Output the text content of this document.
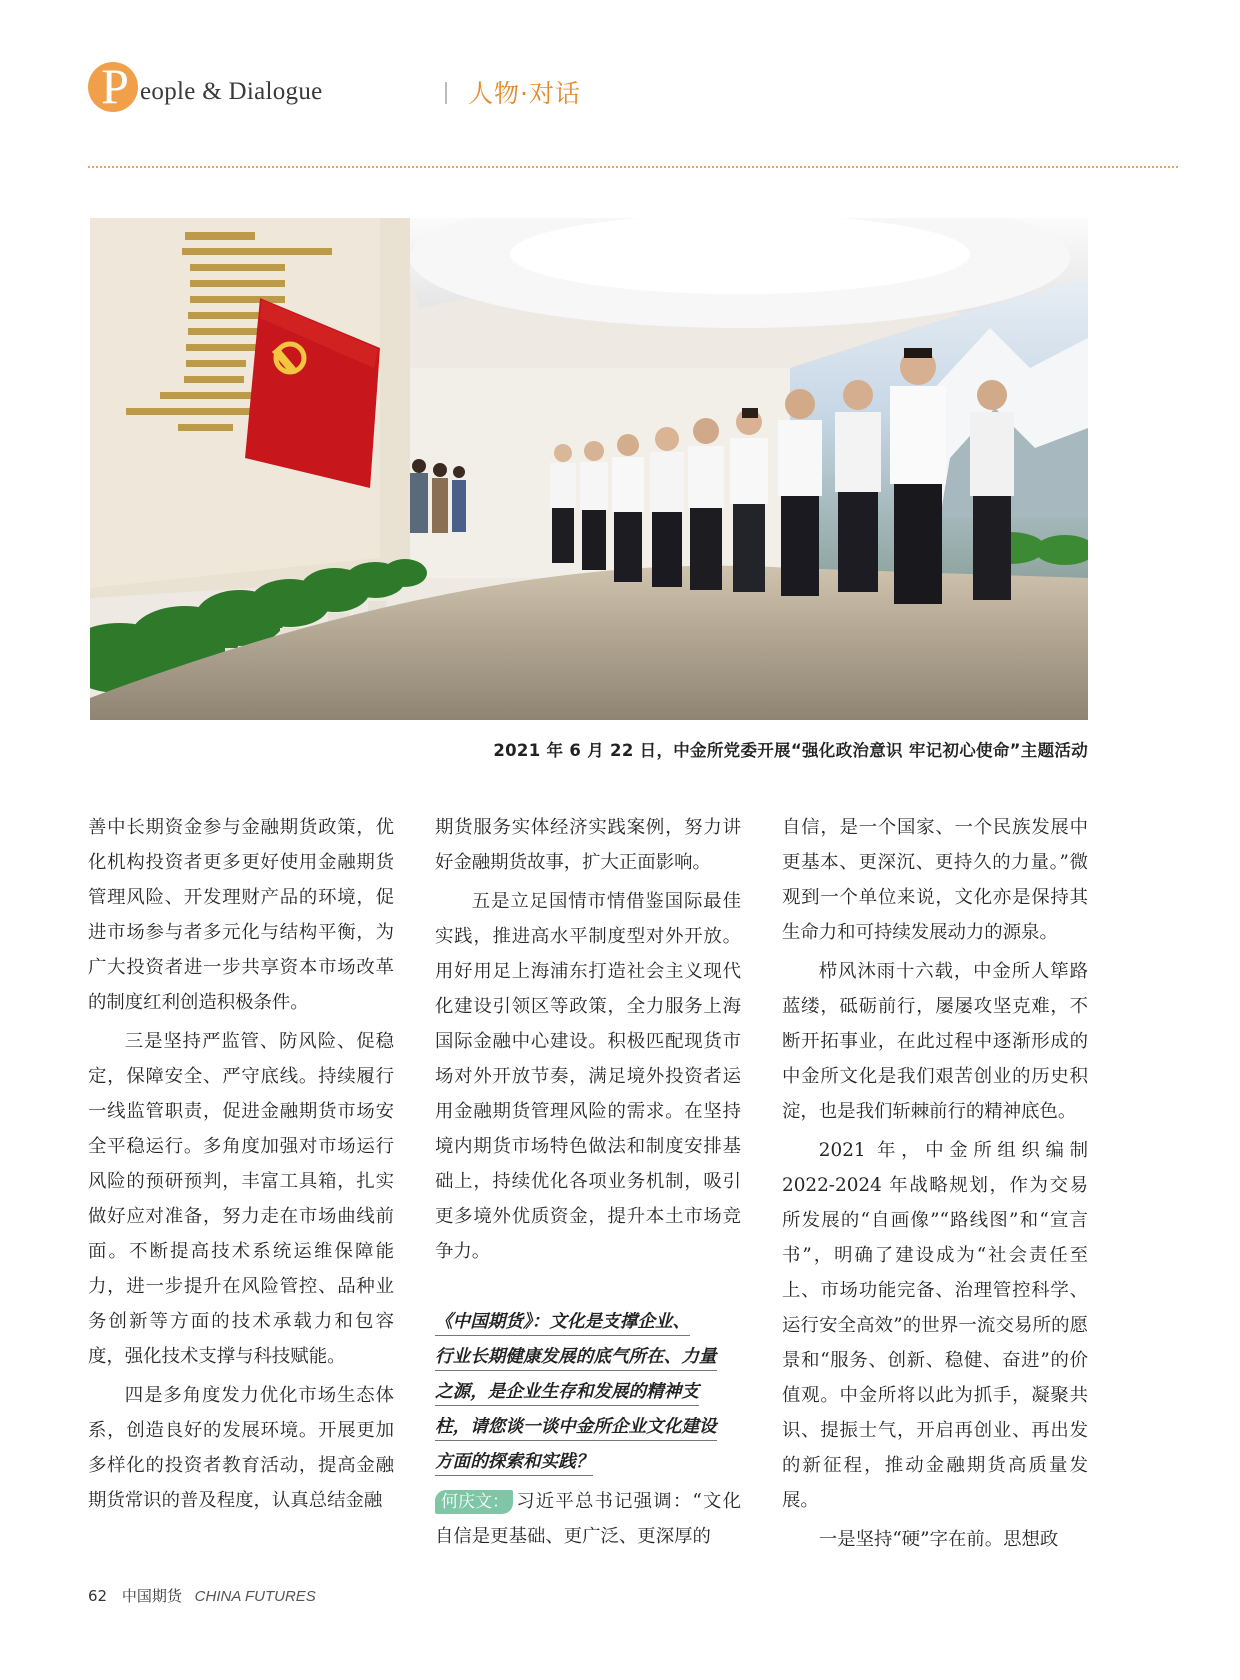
P eople & Dialogue	人物·对话
2021 年 6 月 22 日，中金所党委开展“强化政治意识 牢记初心使命”主题活动

善中长期资金参与金融期货政策，优化机构投资者更多更好使用金融期货管理风险、开发理财产品的环境，促进市场参与者多元化与结构平衡，为广大投资者进一步共享资本市场改革的制度红利创造积极条件。

三是坚持严监管、防风险、促稳定，保障安全、严守底线。持续履行一线监管职责，促进金融期货市场安全平稳运行。多角度加强对市场运行风险的预研预判，丰富工具箱，扎实做好应对准备，努力走在市场曲线前面。不断提高技术系统运维保障能力，进一步提升在风险管控、品种业务创新等方面的技术承载力和包容度，强化技术支撑与科技赋能。

四是多角度发力优化市场生态体系，创造良好的发展环境。开展更加多样化的投资者教育活动，提高金融期货常识的普及程度，认真总结金融

期货服务实体经济实践案例，努力讲好金融期货故事，扩大正面影响。

五是立足国情市情借鉴国际最佳实践，推进高水平制度型对外开放。用好用足上海浦东打造社会主义现代化建设引领区等政策，全力服务上海国际金融中心建设。积极匹配现货市场对外开放节奏，满足境外投资者运用金融期货管理风险的需求。在坚持境内期货市场特色做法和制度安排基础上，持续优化各项业务机制，吸引更多境外优质资金，提升本土市场竞争力。

《中国期货》：文化是支撑企业、
行业长期健康发展的底气所在、力量
之源，是企业生存和发展的精神支
柱，请您谈一谈中金所企业文化建设
方面的探索和实践？

何庆文： 习近平总书记强调：“文化自信是更基础、更广泛、更深厚的

自信，是一个国家、一个民族发展中更基本、更深沉、更持久的力量。”微观到一个单位来说，文化亦是保持其生命力和可持续发展动力的源泉。

栉风沐雨十六载，中金所人筚路蓝缕，砥砺前行，屡屡攻坚克难，不断开拓事业，在此过程中逐渐形成的中金所文化是我们艰苦创业的历史积淀，也是我们斩棘前行的精神底色。

2021 年，中金所组织编制 2022-2024 年战略规划，作为交易所发展的“自画像”“路线图”和“宣言书”，明确了建设成为“社会责任至上、市场功能完备、治理管控科学、运行安全高效”的世界一流交易所的愿景和“服务、创新、稳健、奋进”的价值观。中金所将以此为抓手，凝聚共识、提振士气，开启再创业、再出发的新征程，推动金融期货高质量发展。

一是坚持“硬”字在前。思想政

62 中国期货 CHINA FUTURES
